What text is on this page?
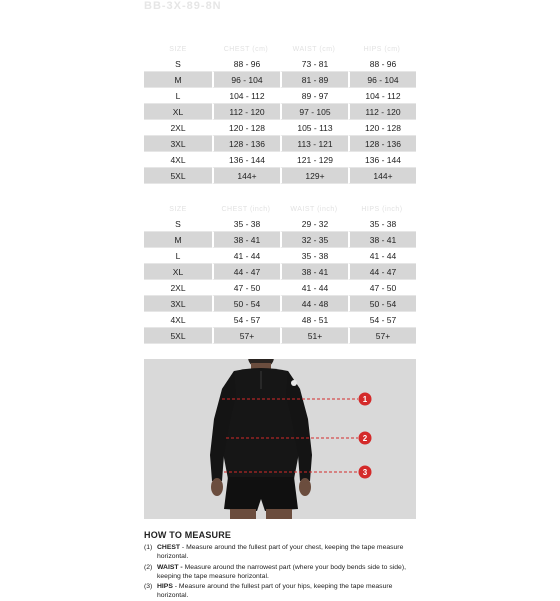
BB-3X-89-8N
SIZE	CHEST (cm)	WAIST (cm)	HIPS (cm)
S	88 - 96	73 - 81	88 - 96
M	96 - 104	81 - 89	96 - 104
L	104 - 112	89 - 97	104 - 112
XL	112 - 120	97 - 105	112 - 120
2XL	120 - 128	105 - 113	120 - 128
3XL	128 - 136	113 - 121	128 - 136
4XL	136 - 144	121 - 129	136 - 144
5XL	144+	129+	144+
SIZE	CHEST (inch)	WAIST (inch)	HIPS (inch)
S	35 - 38	29 - 32	35 - 38
M	38 - 41	32 - 35	38 - 41
L	41 - 44	35 - 38	41 - 44
XL	44 - 47	38 - 41	44 - 47
2XL	47 - 50	41 - 44	47 - 50
3XL	50 - 54	44 - 48	50 - 54
4XL	54 - 57	48 - 51	54 - 57
5XL	57+	51+	57+
1
2
3
HOW TO MEASURE
(1) CHEST - Measure around the fullest part of your chest, keeping the tape measure horizontal.
(2) WAIST - Measure around the narrowest part (where your body bends side to side), keeping the tape measure horizontal.
(3) HIPS - Measure around the fullest part of your hips, keeping the tape measure horizontal.
